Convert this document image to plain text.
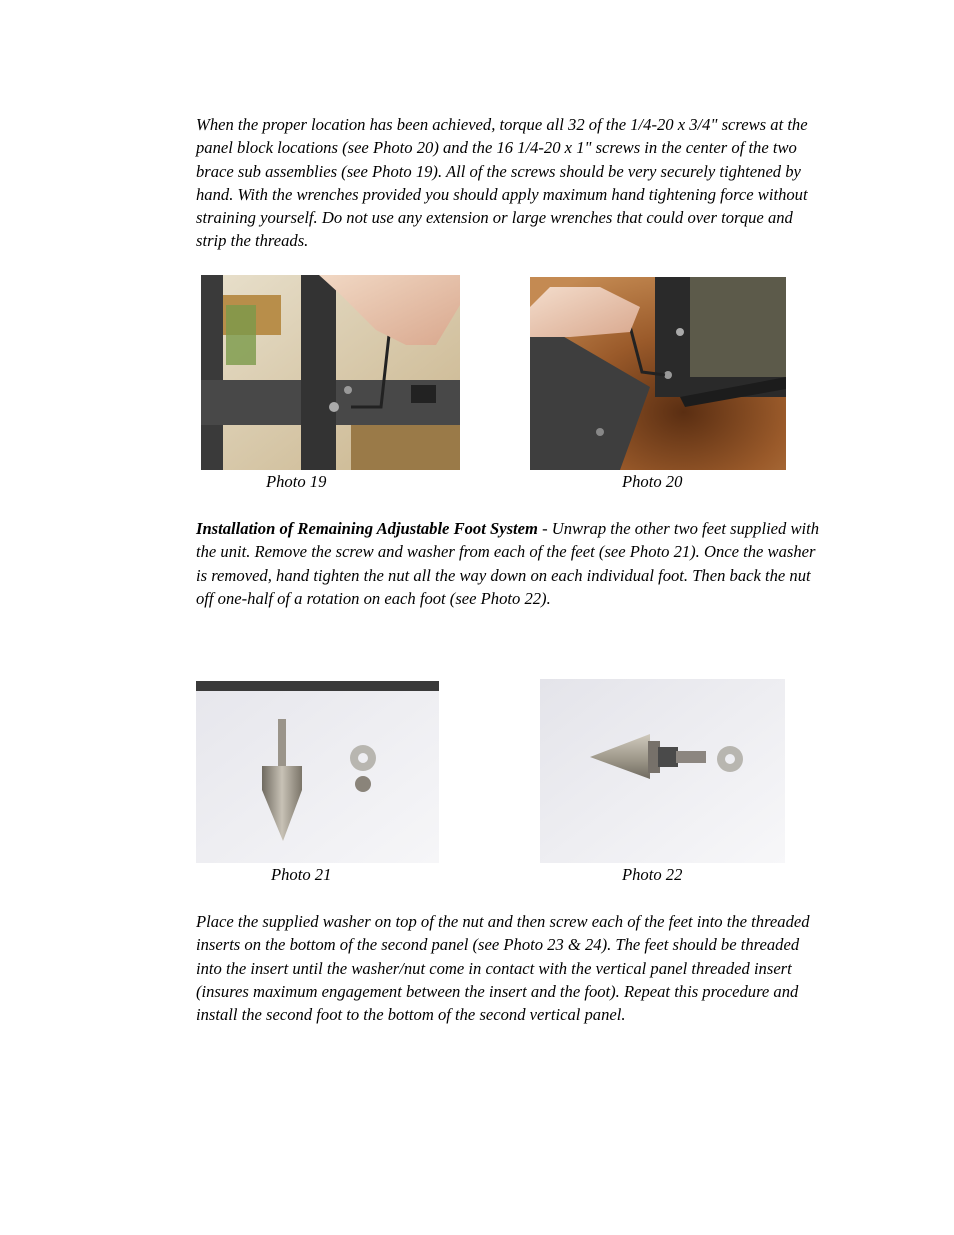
When the proper location has been achieved, torque all 32 of the 1/4-20 x 3/4" screws at the panel block locations (see Photo 20) and the 16 1/4-20 x 1" screws in the center of the two brace sub assemblies (see Photo 19). All of the screws should be very securely tightened by hand. With the wrenches provided you should apply maximum hand tightening force without straining yourself. Do not use any extension or large wrenches that could over torque and strip the threads.

Photo 19	Photo 20

Installation of Remaining Adjustable Foot System - Unwrap the other two feet supplied with the unit. Remove the screw and washer from each of the feet (see Photo 21). Once the washer is removed, hand tighten the nut all the way down on each individual foot. Then back the nut off one-half of a rotation on each foot (see Photo 22).

Photo 21	Photo 22

Place the supplied washer on top of the nut and then screw each of the feet into the threaded inserts on the bottom of the second panel (see Photo 23 & 24). The feet should be threaded into the insert until the washer/nut come in contact with the vertical panel threaded insert (insures maximum engagement between the insert and the foot). Repeat this procedure and install the second foot to the bottom of the second vertical panel.
